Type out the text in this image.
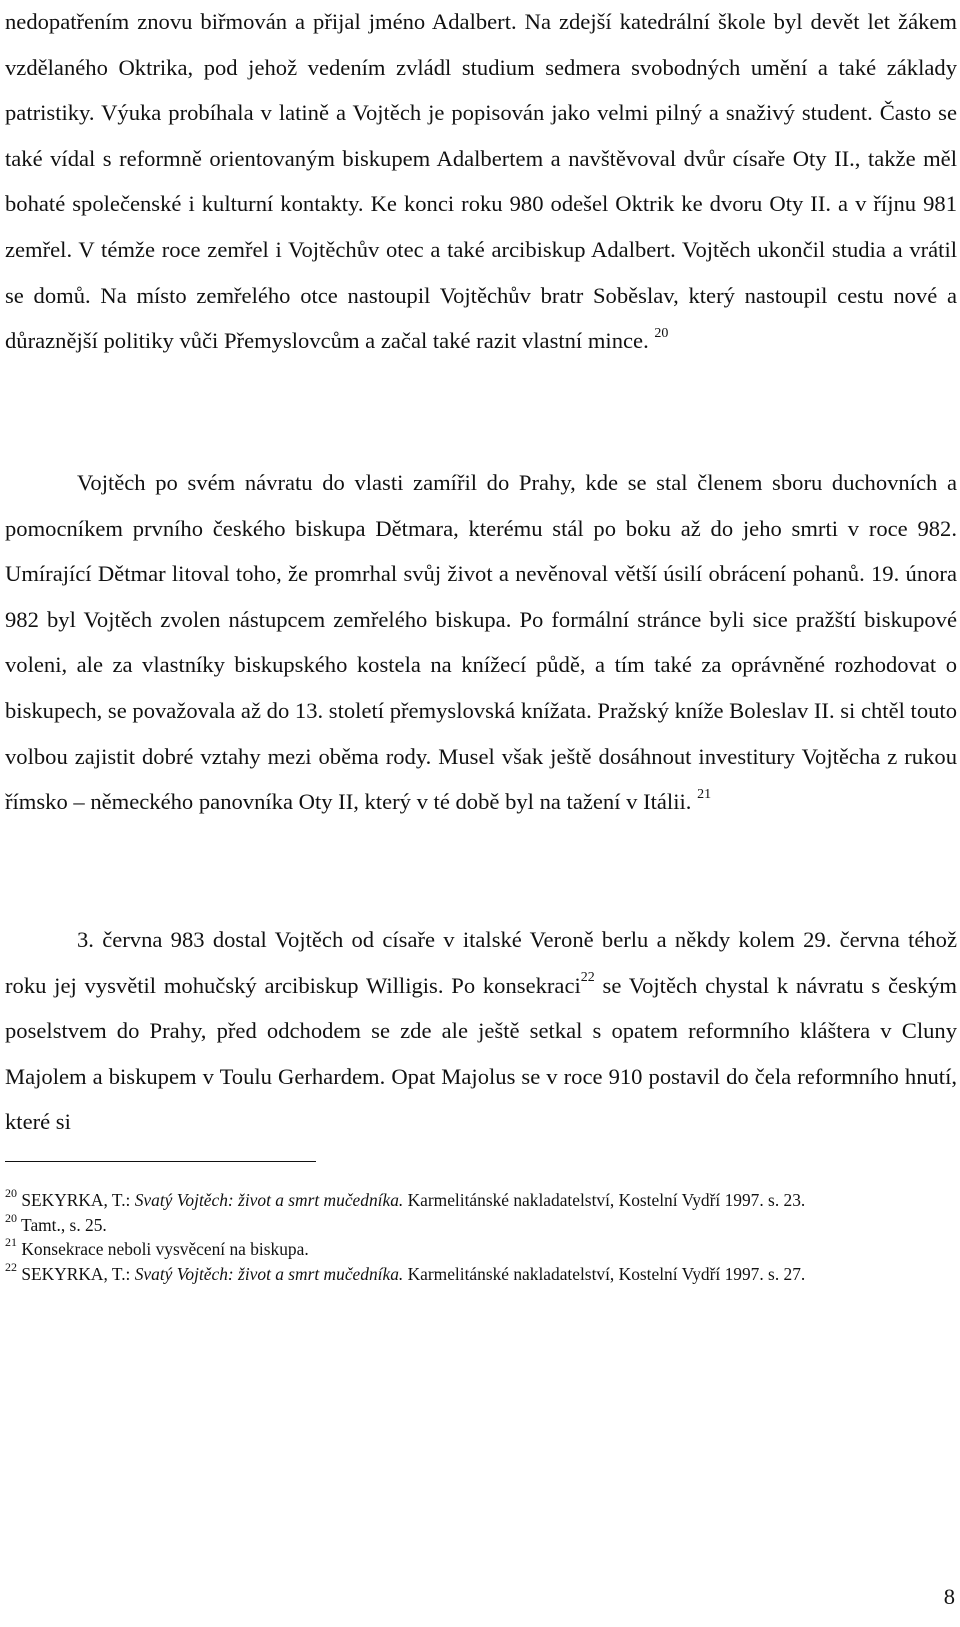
nedopatřením znovu biřmován a přijal jméno Adalbert. Na zdejší katedrální škole byl devět let žákem vzdělaného Oktrika, pod jehož vedením zvládl studium sedmera svobodných umění a také základy patristiky. Výuka probíhala v latině a Vojtěch je popisován jako velmi pilný a snaživý student. Často se také vídal s reformně orientovaným biskupem Adalbertem a navštěvoval dvůr císaře Oty II., takže měl bohaté společenské i kulturní kontakty. Ke konci roku 980 odešel Oktrik ke dvoru Oty II. a v říjnu 981 zemřel. V témže roce zemřel i Vojtěchův otec a také arcibiskup Adalbert. Vojtěch ukončil studia a vrátil se domů. Na místo zemřelého otce nastoupil Vojtěchův bratr Soběslav, který nastoupil cestu nové a důraznější politiky vůči Přemyslovcům a začal také razit vlastní mince. $^{20}$

Vojtěch po svém návratu do vlasti zamířil do Prahy, kde se stal členem sboru duchovních a pomocníkem prvního českého biskupa Dětmara, kterému stál po boku až do jeho smrti v roce 982. Umírající Dětmar litoval toho, že promrhal svůj život a nevěnoval větší úsilí obrácení pohanů. 19. února 982 byl Vojtěch zvolen nástupcem zemřelého biskupa. Po formální stránce byli sice pražští biskupové voleni, ale za vlastníky biskupského kostela na knížecí půdě, a tím také za oprávněné rozhodovat o biskupech, se považovala až do 13. století přemyslovská knížata. Pražský kníže Boleslav II. si chtěl touto volbou zajistit dobré vztahy mezi oběma rody. Musel však ještě dosáhnout investitury Vojtěcha z rukou římsko – německého panovníka Oty II, který v té době byl na tažení v Itálii. $^{21}$

3. června 983 dostal Vojtěch od císaře v italské Veroně berlu a někdy kolem 29. června téhož roku jej vysvětil mohučský arcibiskup Willigis. Po konsekraci$^{22}$ se Vojtěch chystal k návratu s českým poselstvem do Prahy, před odchodem se zde ale ještě setkal s opatem reformního kláštera v Cluny Majolem a biskupem v Toulu Gerhardem. Opat Majolus se v roce 910 postavil do čela reformního hnutí, které si

$^{20}$ SEKYRKA, T.: Svatý Vojtěch: život a smrt mučedníka. Karmelitánské nakladatelství, Kostelní Vydří 1997. s. 23.

$^{20}$ Tamt., s. 25.

$^{21}$ Konsekrace neboli vysvěcení na biskupa.

$^{22}$ SEKYRKA, T.: Svatý Vojtěch: život a smrt mučedníka. Karmelitánské nakladatelství, Kostelní Vydří 1997. s. 27.

8
